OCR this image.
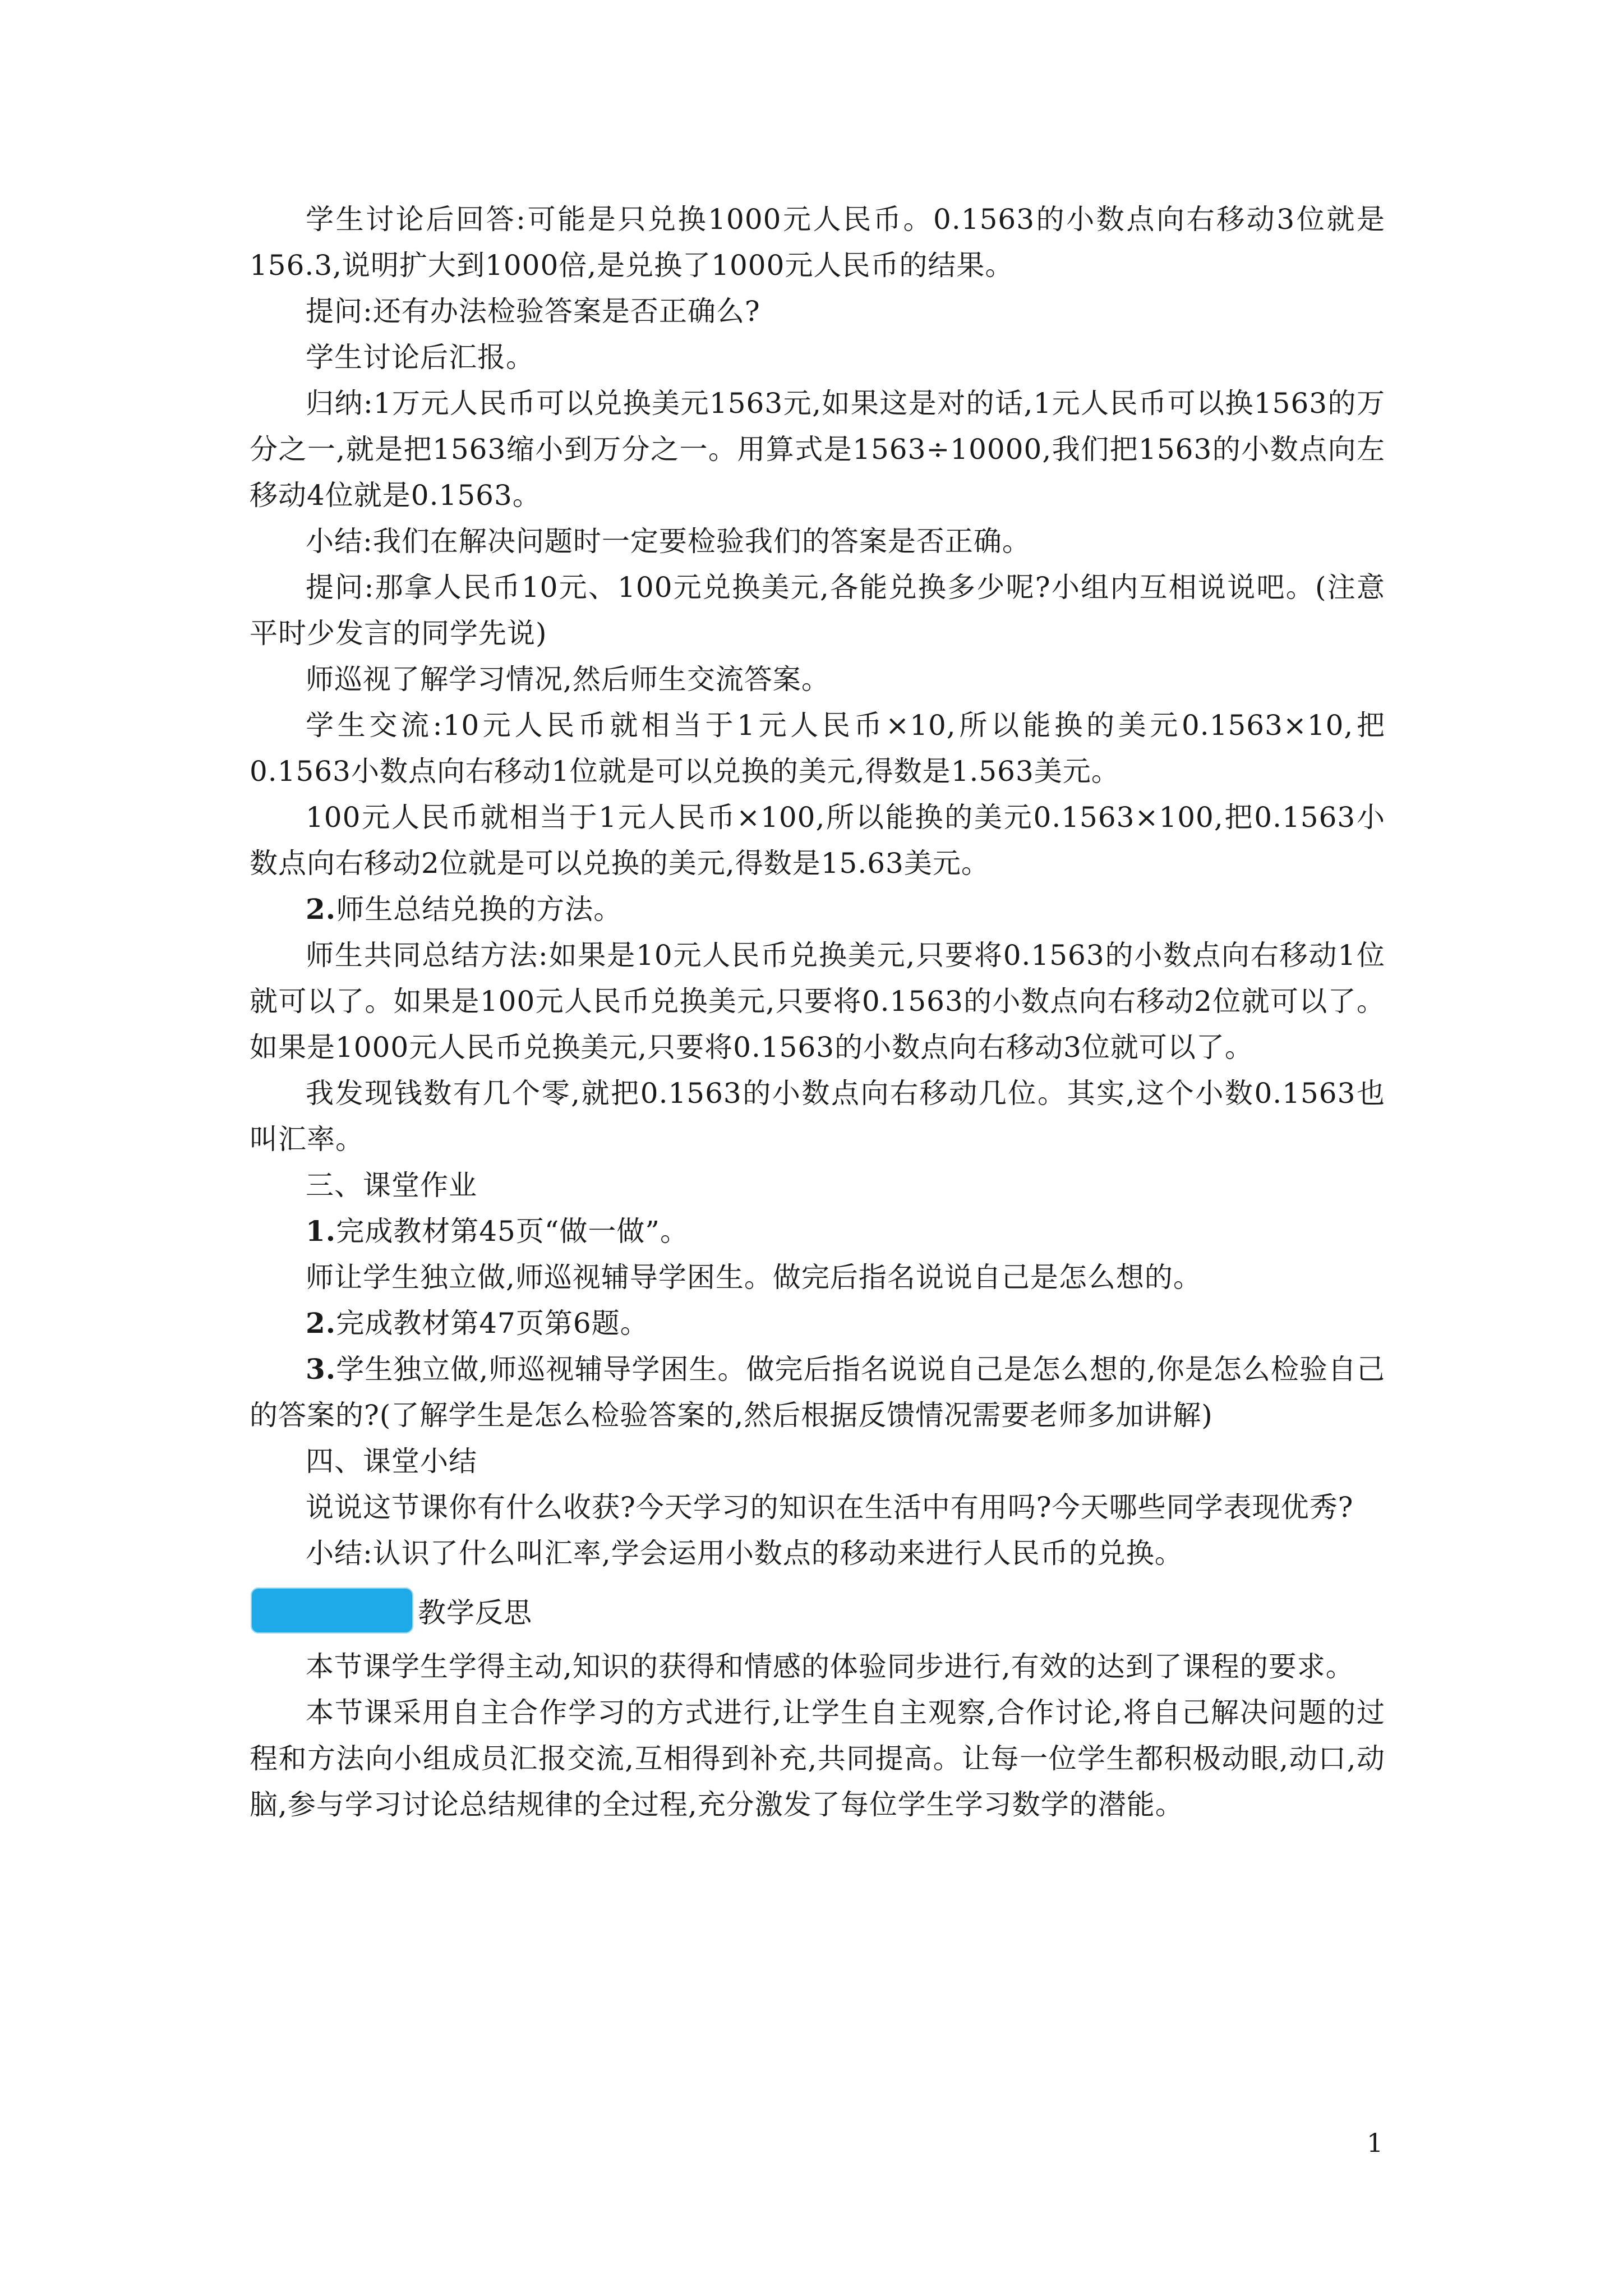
学生讨论后回答:可能是只兑换1000元人民币。0.1563的小数点向右移动3位就是156.3,说明扩大到1000倍,是兑换了1000元人民币的结果。

提问:还有办法检验答案是否正确么?

学生讨论后汇报。

归纳:1万元人民币可以兑换美元1563元,如果这是对的话,1元人民币可以换1563的万分之一,就是把1563缩小到万分之一。用算式是1563÷10000,我们把1563的小数点向左移动4位就是0.1563。

小结:我们在解决问题时一定要检验我们的答案是否正确。

提问:那拿人民币10元、100元兑换美元,各能兑换多少呢?小组内互相说说吧。(注意平时少发言的同学先说)

师巡视了解学习情况,然后师生交流答案。

学生交流:10元人民币就相当于1元人民币×10,所以能换的美元0.1563×10,把0.1563小数点向右移动1位就是可以兑换的美元,得数是1.563美元。

100元人民币就相当于1元人民币×100,所以能换的美元0.1563×100,把0.1563小数点向右移动2位就是可以兑换的美元,得数是15.63美元。

2.师生总结兑换的方法。

师生共同总结方法:如果是10元人民币兑换美元,只要将0.1563的小数点向右移动1位就可以了。如果是100元人民币兑换美元,只要将0.1563的小数点向右移动2位就可以了。如果是1000元人民币兑换美元,只要将0.1563的小数点向右移动3位就可以了。

我发现钱数有几个零,就把0.1563的小数点向右移动几位。其实,这个小数0.1563也叫汇率。

三、课堂作业

1.完成教材第45页“做一做”。

师让学生独立做,师巡视辅导学困生。做完后指名说说自己是怎么想的。

2.完成教材第47页第6题。

3.学生独立做,师巡视辅导学困生。做完后指名说说自己是怎么想的,你是怎么检验自己的答案的?(了解学生是怎么检验答案的,然后根据反馈情况需要老师多加讲解)

四、课堂小结

说说这节课你有什么收获?今天学习的知识在生活中有用吗?今天哪些同学表现优秀?

小结:认识了什么叫汇率,学会运用小数点的移动来进行人民币的兑换。

教学反思

本节课学生学得主动,知识的获得和情感的体验同步进行,有效的达到了课程的要求。

本节课采用自主合作学习的方式进行,让学生自主观察,合作讨论,将自己解决问题的过程和方法向小组成员汇报交流,互相得到补充,共同提高。让每一位学生都积极动眼,动口,动脑,参与学习讨论总结规律的全过程,充分激发了每位学生学习数学的潜能。

1
